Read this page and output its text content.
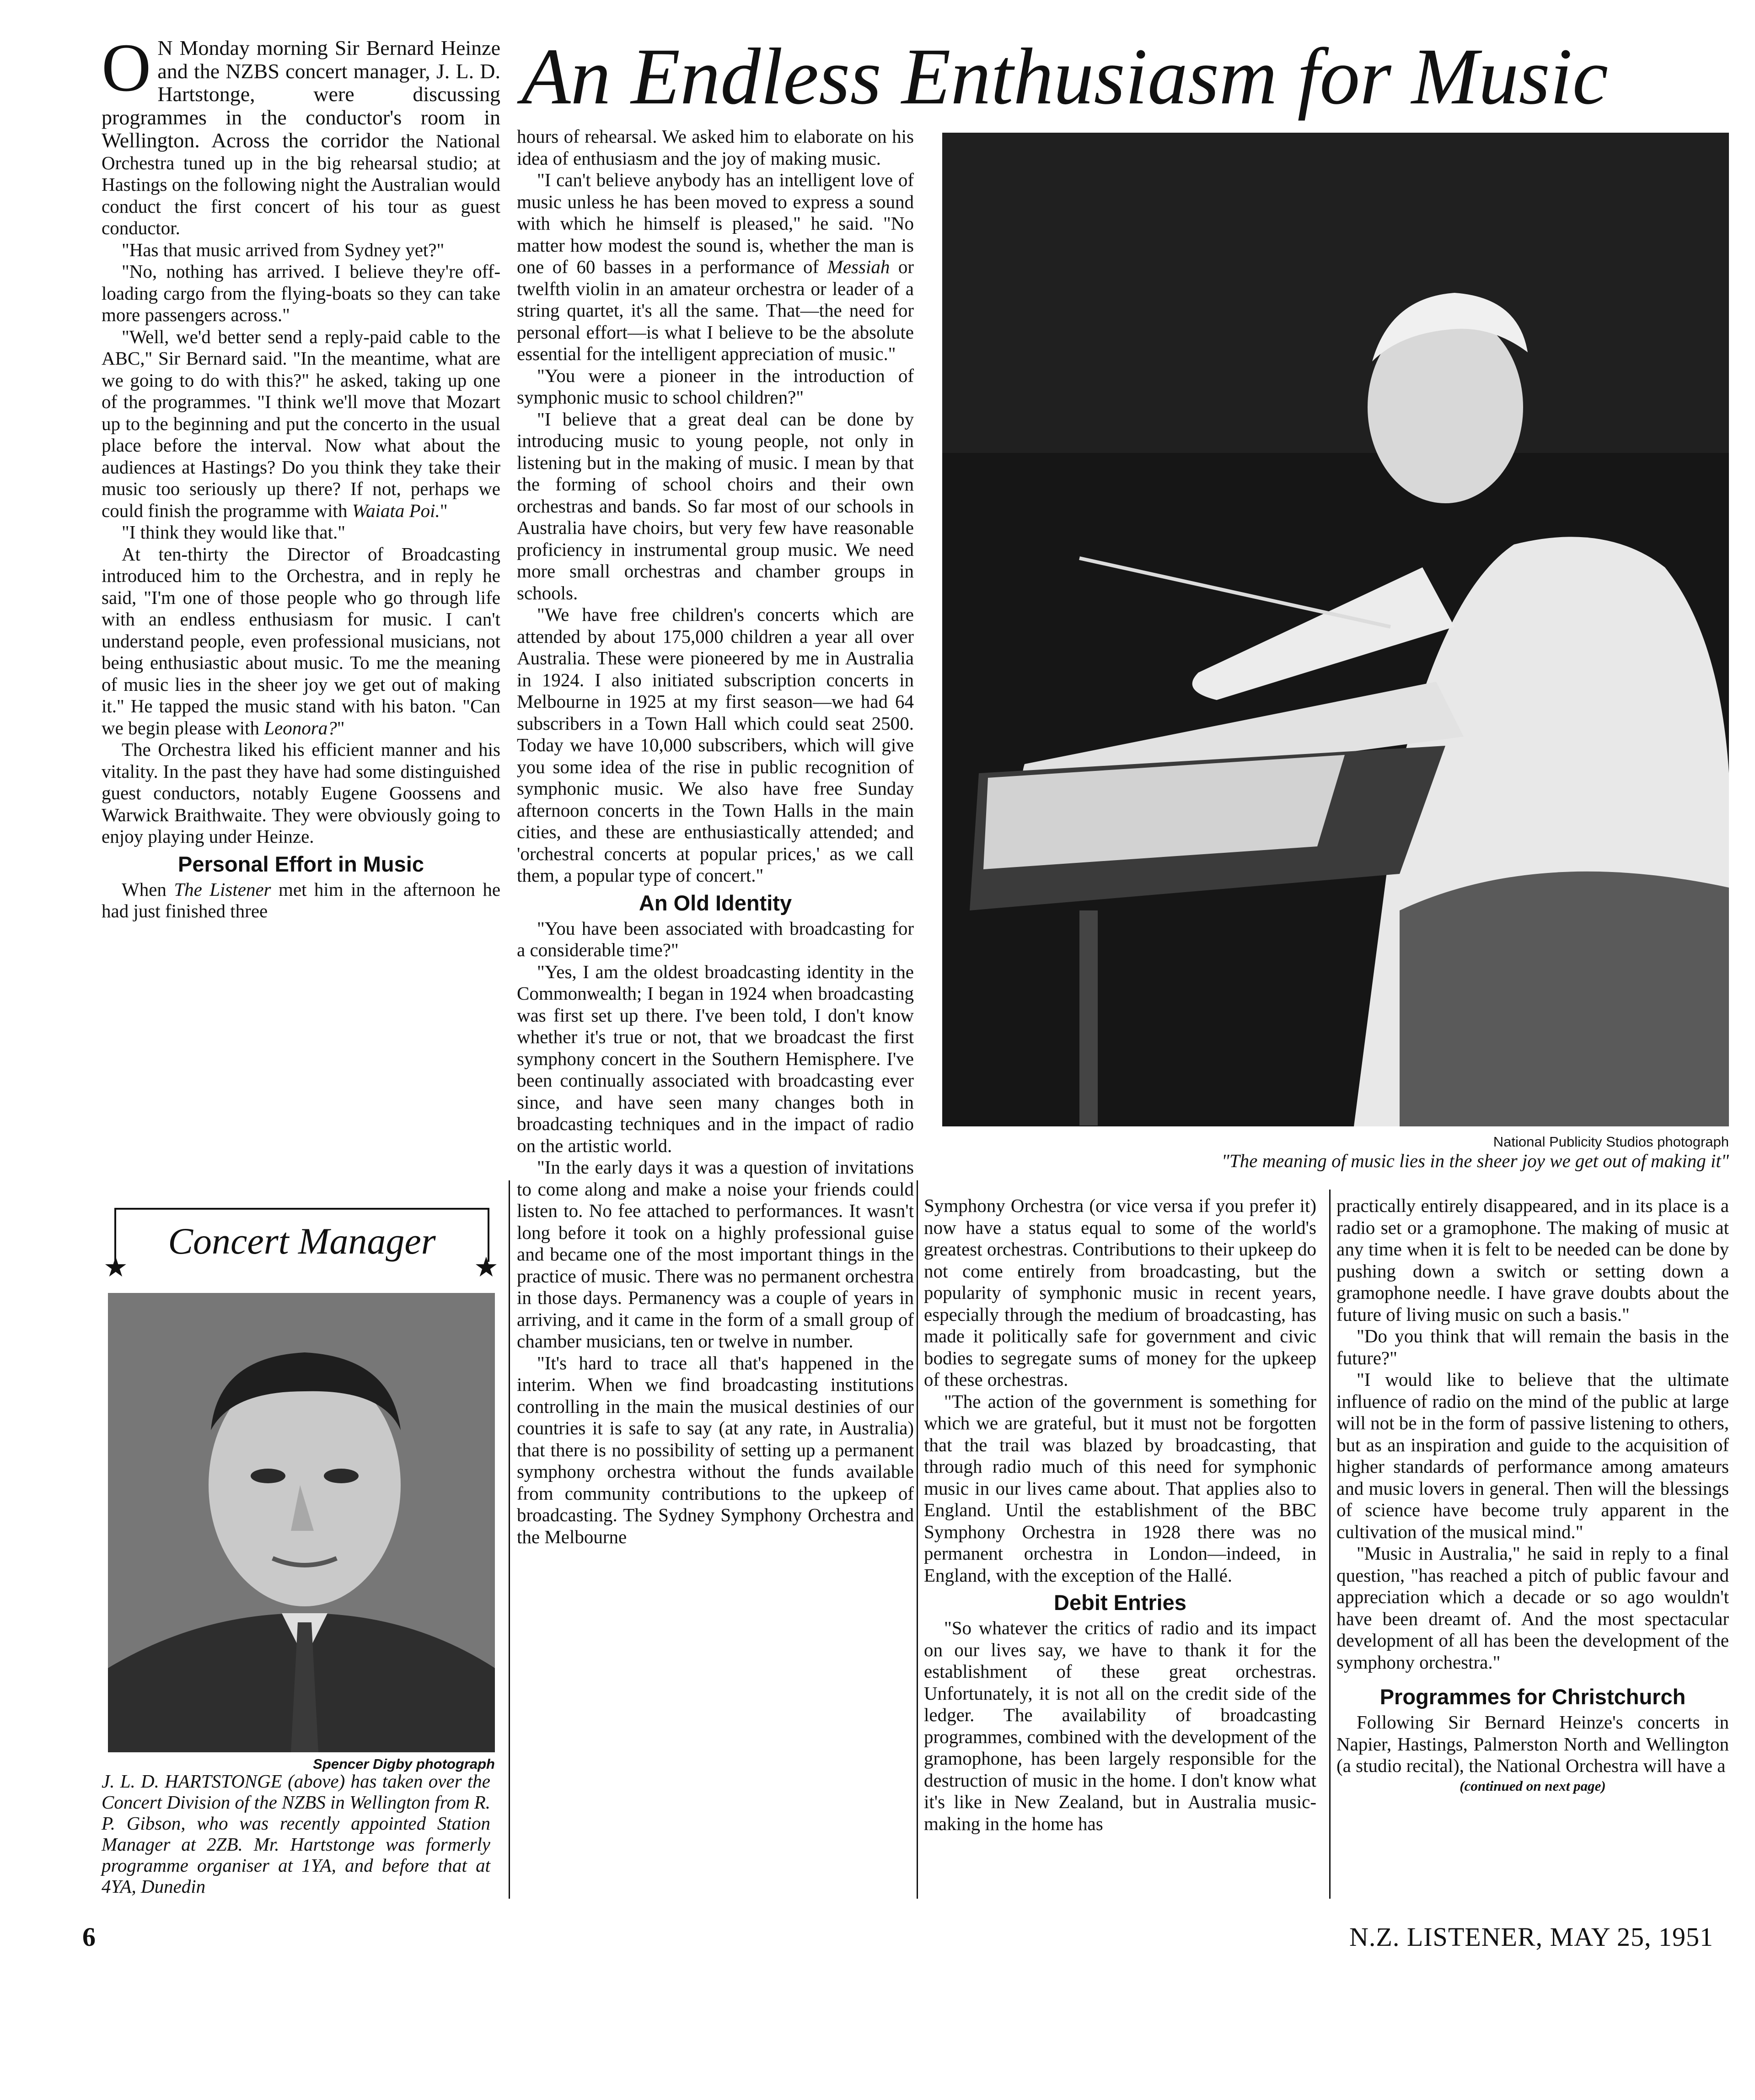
An Endless Enthusiasm for Music

O N Monday morning Sir Bernard Heinze and the NZBS concert manager, J. L. D. Hartstonge, were discussing programmes in the conductor's room in Wellington. Across the corridor the National Orchestra tuned up in the big rehearsal studio; at Hastings on the following night the Australian would conduct the first concert of his tour as guest conductor.

"Has that music arrived from Sydney yet?"

"No, nothing has arrived. I believe they're off-loading cargo from the flying-boats so they can take more passengers across."

"Well, we'd better send a reply-paid cable to the ABC," Sir Bernard said. "In the meantime, what are we going to do with this?" he asked, taking up one of the programmes. "I think we'll move that Mozart up to the beginning and put the concerto in the usual place before the interval. Now what about the audiences at Hastings? Do you think they take their music too seriously up there? If not, perhaps we could finish the programme with Waiata Poi."

"I think they would like that."

At ten-thirty the Director of Broadcasting introduced him to the Orchestra, and in reply he said, "I'm one of those people who go through life with an endless enthusiasm for music. I can't understand people, even professional musicians, not being enthusiastic about music. To me the meaning of music lies in the sheer joy we get out of making it." He tapped the music stand with his baton. "Can we begin please with Leonora?"

The Orchestra liked his efficient manner and his vitality. In the past they have had some distinguished guest conductors, notably Eugene Goossens and Warwick Braithwaite. They were obviously going to enjoy playing under Heinze.

Personal Effort in Music

When The Listener met him in the afternoon he had just finished three

Concert Manager
★	★
Spencer Digby photograph
J. L. D. HARTSTONGE (above) has taken over the Concert Division of the NZBS in Wellington from R. P. Gibson, who was recently appointed Station Manager at 2ZB. Mr. Hartstonge was formerly programme organiser at 1YA, and before that at 4YA, Dunedin

hours of rehearsal. We asked him to elaborate on his idea of enthusiasm and the joy of making music.

"I can't believe anybody has an intelligent love of music unless he has been moved to express a sound with which he himself is pleased," he said. "No matter how modest the sound is, whether the man is one of 60 basses in a performance of Messiah or twelfth violin in an amateur orchestra or leader of a string quartet, it's all the same. That—the need for personal effort—is what I believe to be the absolute essential for the intelligent appreciation of music."

"You were a pioneer in the introduction of symphonic music to school children?"

"I believe that a great deal can be done by introducing music to young people, not only in listening but in the making of music. I mean by that the forming of school choirs and their own orchestras and bands. So far most of our schools in Australia have choirs, but very few have reasonable proficiency in instrumental group music. We need more small orchestras and chamber groups in schools.

"We have free children's concerts which are attended by about 175,000 children a year all over Australia. These were pioneered by me in Australia in 1924. I also initiated subscription concerts in Melbourne in 1925 at my first season—we had 64 subscribers in a Town Hall which could seat 2500. Today we have 10,000 subscribers, which will give you some idea of the rise in public recognition of symphonic music. We also have free Sunday afternoon concerts in the Town Halls in the main cities, and these are enthusiastically attended; and 'orchestral concerts at popular prices,' as we call them, a popular type of concert."

An Old Identity

"You have been associated with broadcasting for a considerable time?"

"Yes, I am the oldest broadcasting identity in the Commonwealth; I began in 1924 when broadcasting was first set up there. I've been told, I don't know whether it's true or not, that we broadcast the first symphony concert in the Southern Hemisphere. I've been continually associated with broadcasting ever since, and have seen many changes both in broadcasting techniques and in the impact of radio on the artistic world.

"In the early days it was a question of invitations to come along and make a noise your friends could listen to. No fee attached to performances. It wasn't long before it took on a highly professional guise and became one of the most important things in the practice of music. There was no permanent orchestra in those days. Permanency was a couple of years in arriving, and it came in the form of a small group of chamber musicians, ten or twelve in number.

"It's hard to trace all that's happened in the interim. When we find broadcasting institutions controlling in the main the musical destinies of our countries it is safe to say (at any rate, in Australia) that there is no possibility of setting up a permanent symphony orchestra without the funds available from community contributions to the upkeep of broadcasting. The Sydney Symphony Orchestra and the Melbourne

National Publicity Studios photograph
"The meaning of music lies in the sheer joy we get out of making it"

Symphony Orchestra (or vice versa if you prefer it) now have a status equal to some of the world's greatest orchestras. Contributions to their upkeep do not come entirely from broadcasting, but the popularity of symphonic music in recent years, especially through the medium of broadcasting, has made it politically safe for government and civic bodies to segregate sums of money for the upkeep of these orchestras.

"The action of the government is something for which we are grateful, but it must not be forgotten that the trail was blazed by broadcasting, that through radio much of this need for symphonic music in our lives came about. That applies also to England. Until the establishment of the BBC Symphony Orchestra in 1928 there was no permanent orchestra in London—indeed, in England, with the exception of the Hallé.

Debit Entries

"So whatever the critics of radio and its impact on our lives say, we have to thank it for the establishment of these great orchestras. Unfortunately, it is not all on the credit side of the ledger. The availability of broadcasting programmes, combined with the development of the gramophone, has been largely responsible for the destruction of music in the home. I don't know what it's like in New Zealand, but in Australia music-making in the home has

practically entirely disappeared, and in its place is a radio set or a gramophone. The making of music at any time when it is felt to be needed can be done by pushing down a switch or setting down a gramophone needle. I have grave doubts about the future of living music on such a basis."

"Do you think that will remain the basis in the future?"

"I would like to believe that the ultimate influence of radio on the mind of the public at large will not be in the form of passive listening to others, but as an inspiration and guide to the acquisition of higher standards of performance among amateurs and music lovers in general. Then will the blessings of science have become truly apparent in the cultivation of the musical mind."

"Music in Australia," he said in reply to a final question, "has reached a pitch of public favour and appreciation which a decade or so ago wouldn't have been dreamt of. And the most spectacular development of all has been the development of the symphony orchestra."

Programmes for Christchurch

Following Sir Bernard Heinze's concerts in Napier, Hastings, Palmerston North and Wellington (a studio recital), the National Orchestra will have a

(continued on next page)
6	N.Z. LISTENER, MAY 25, 1951
